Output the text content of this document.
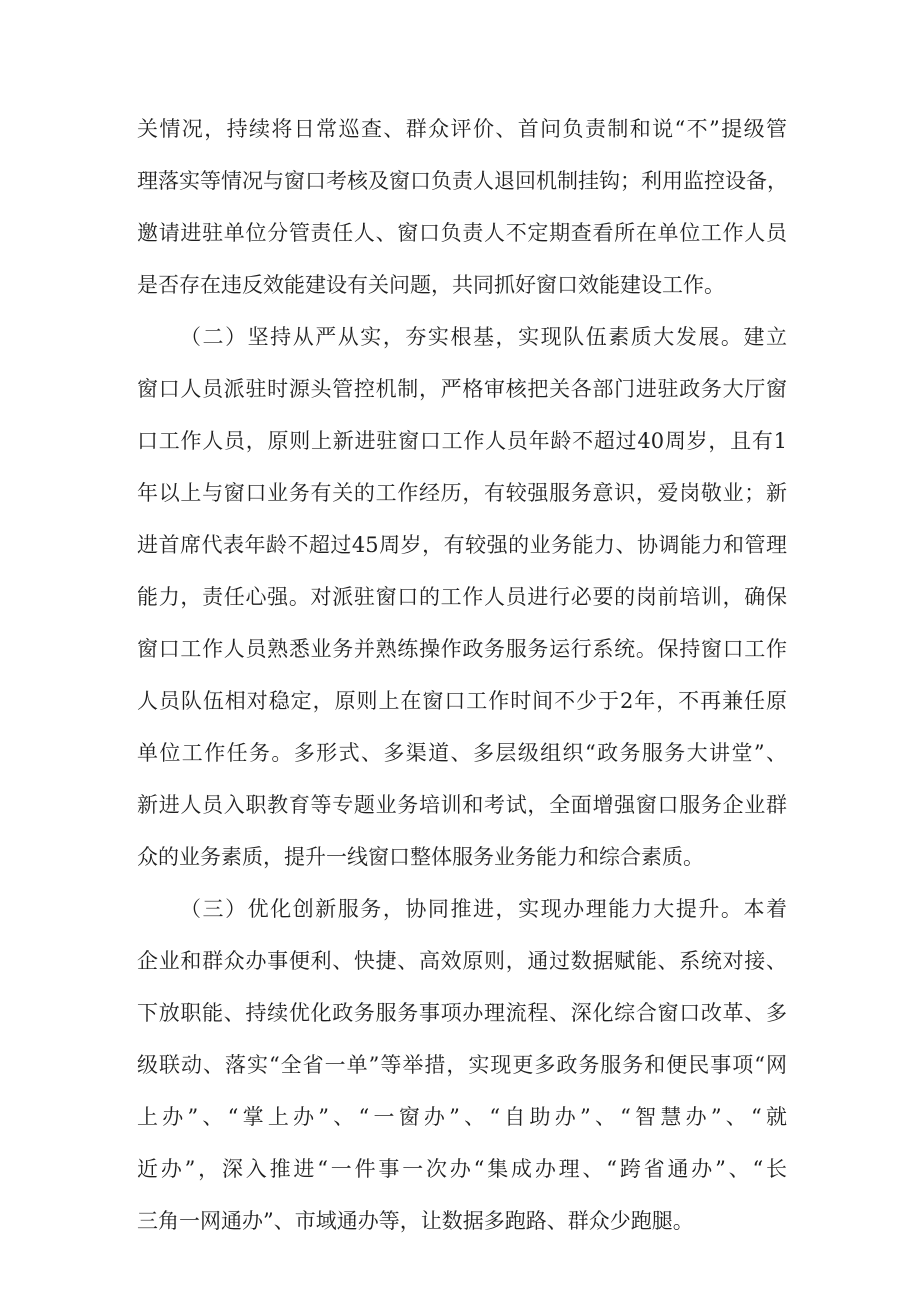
关情况，持续将日常巡查、群众评价、首问负责制和说“不”提级管
理落实等情况与窗口考核及窗口负责人退回机制挂钩；利用监控设备，
邀请进驻单位分管责任人、窗口负责人不定期查看所在单位工作人员
是否存在违反效能建设有关问题，共同抓好窗口效能建设工作。
（二）坚持从严从实，夯实根基，实现队伍素质大发展。建立
窗口人员派驻时源头管控机制，严格审核把关各部门进驻政务大厅窗
口工作人员，原则上新进驻窗口工作人员年龄不超过40周岁，且有1
年以上与窗口业务有关的工作经历，有较强服务意识，爱岗敬业；新
进首席代表年龄不超过45周岁，有较强的业务能力、协调能力和管理
能力，责任心强。对派驻窗口的工作人员进行必要的岗前培训，确保
窗口工作人员熟悉业务并熟练操作政务服务运行系统。保持窗口工作
人员队伍相对稳定，原则上在窗口工作时间不少于2年，不再兼任原
单位工作任务。多形式、多渠道、多层级组织“政务服务大讲堂”、
新进人员入职教育等专题业务培训和考试，全面增强窗口服务企业群
众的业务素质，提升一线窗口整体服务业务能力和综合素质。
（三）优化创新服务，协同推进，实现办理能力大提升。本着
企业和群众办事便利、快捷、高效原则，通过数据赋能、系统对接、
下放职能、持续优化政务服务事项办理流程、深化综合窗口改革、多
级联动、落实“全省一单”等举措，实现更多政务服务和便民事项“网
上办”、“掌上办”、“一窗办”、“自助办”、“智慧办”、“就
近办”，深入推进“一件事一次办“集成办理、“跨省通办”、“长
三角一网通办”、市域通办等，让数据多跑路、群众少跑腿。
